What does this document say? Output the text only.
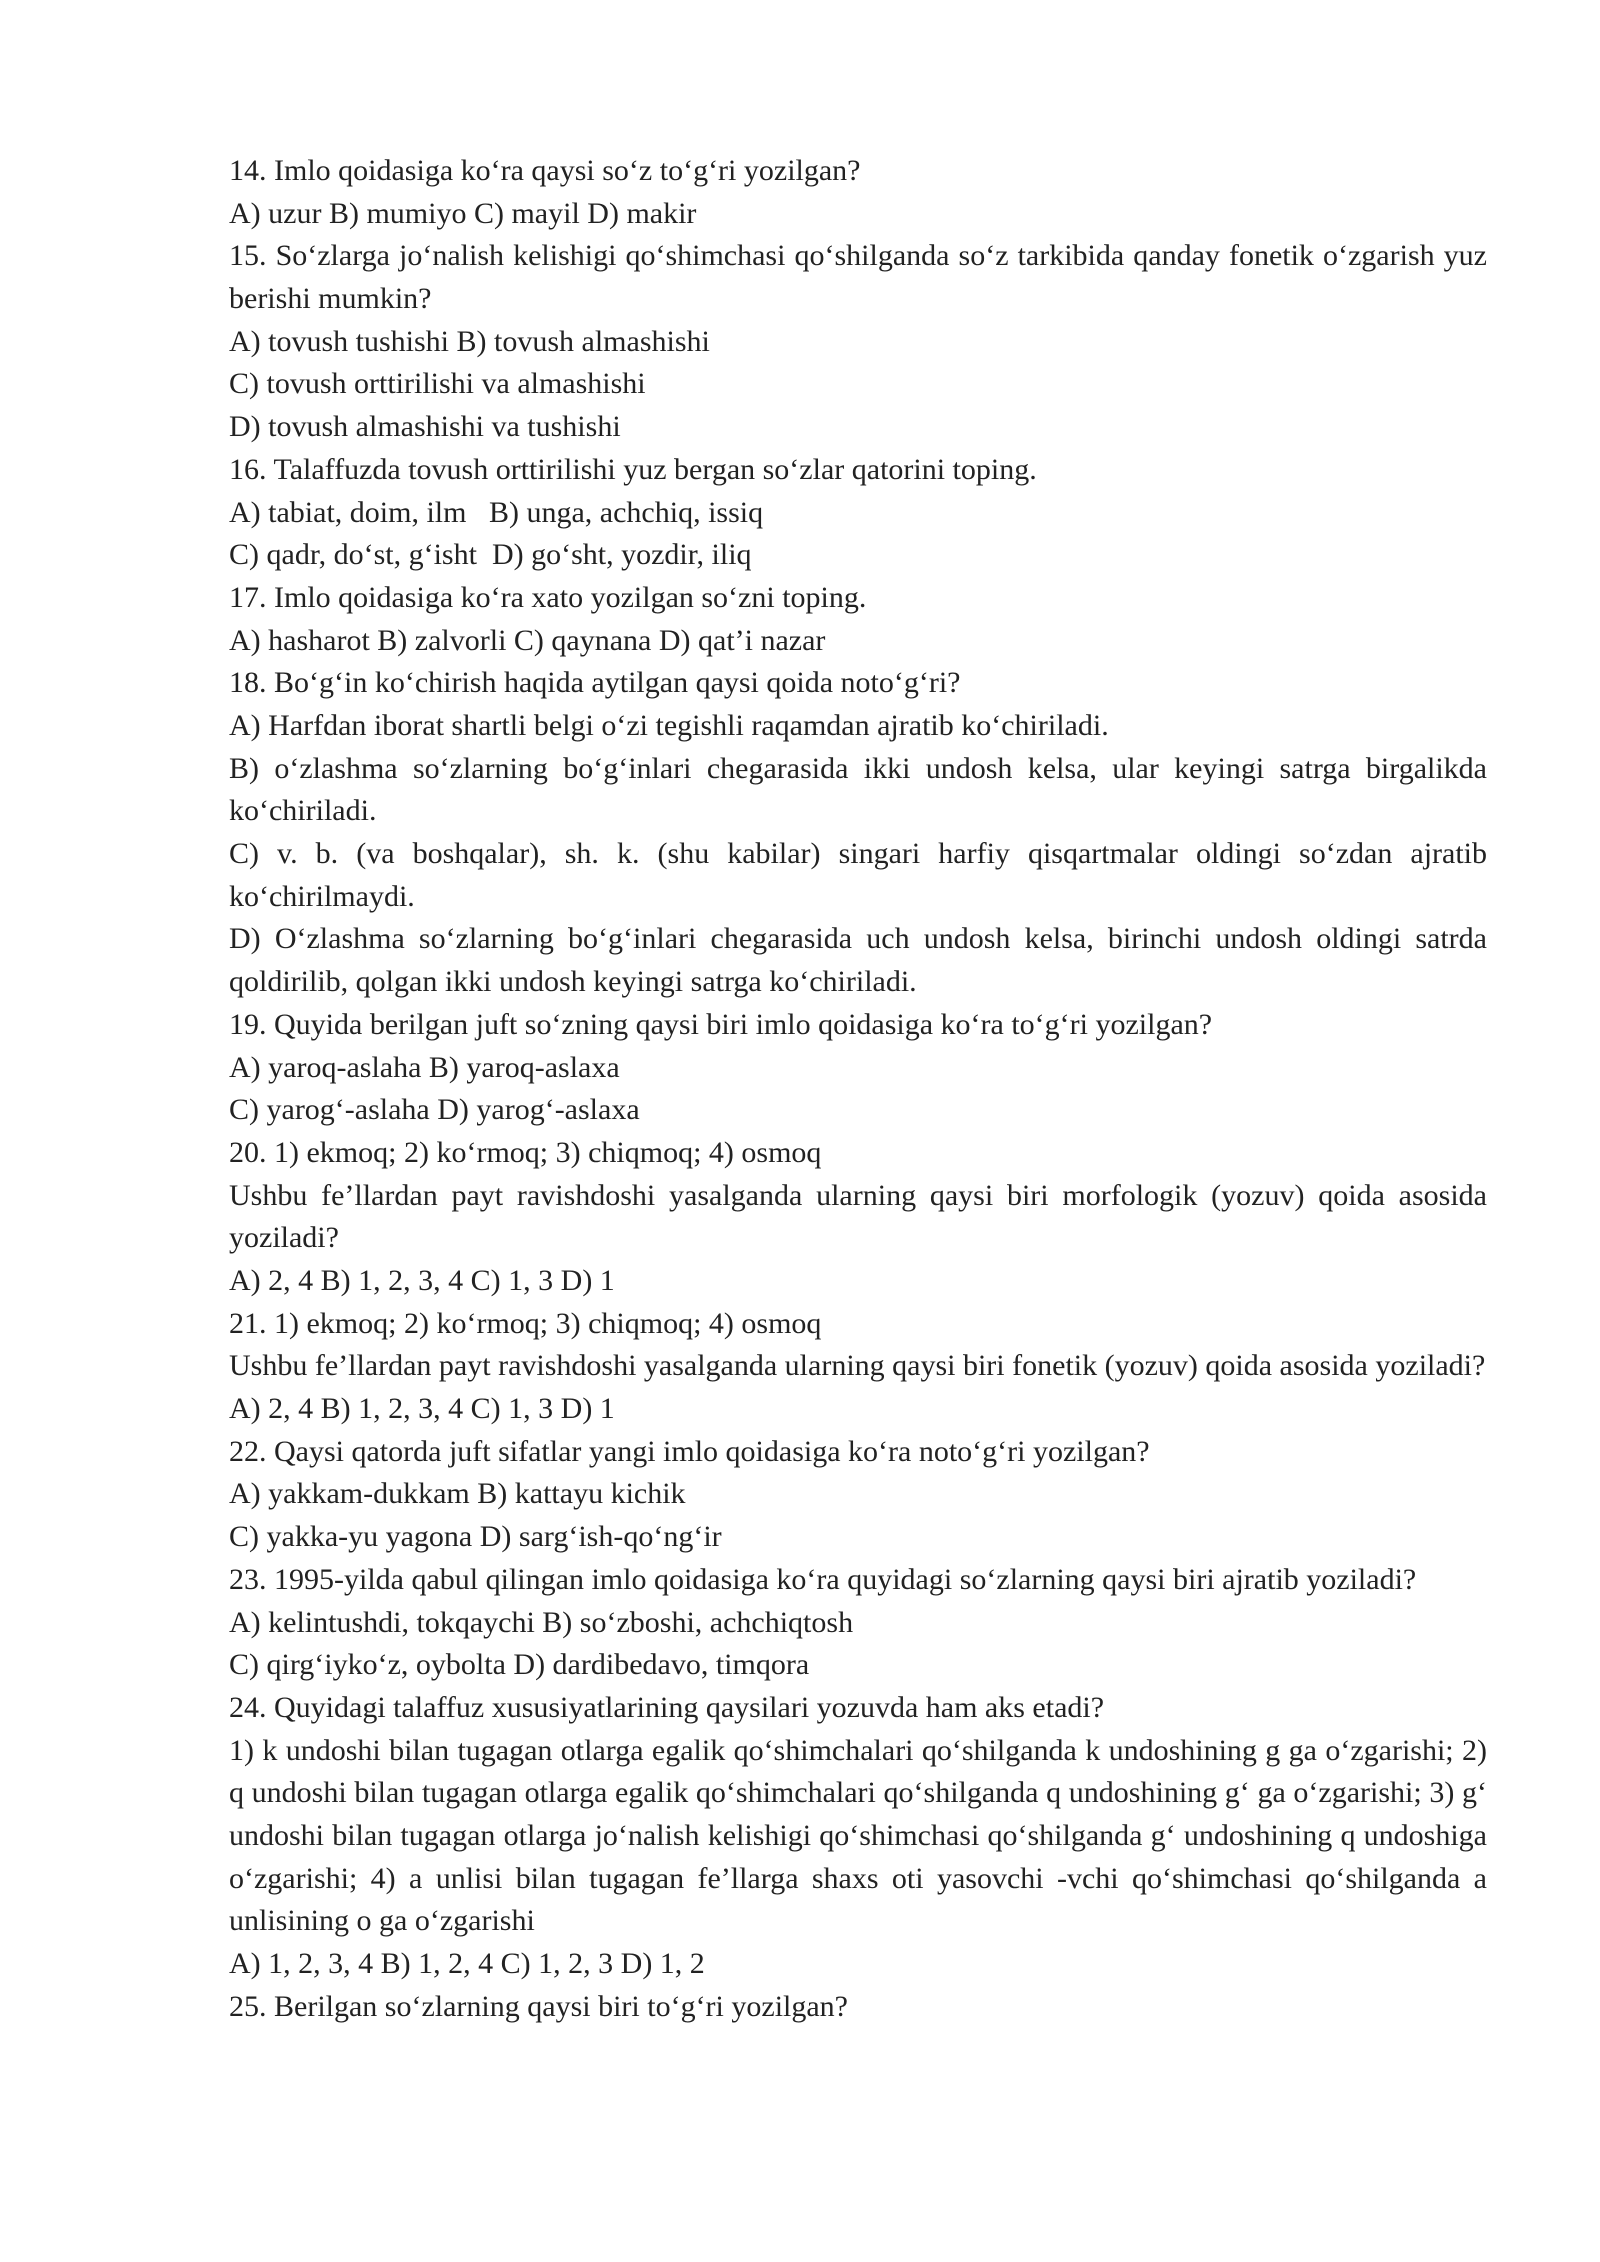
14. Imlo qoidasiga ko‘ra qaysi so‘z to‘g‘ri yozilgan?
A) uzur B) mumiyo C) mayil D) makir
15. So‘zlarga jo‘nalish kelishigi qo‘shimchasi qo‘shilganda so‘z tarkibida qanday fonetik o‘zgarish yuz berishi mumkin?
A) tovush tushishi B) tovush almashishi
C) tovush orttirilishi va almashishi
D) tovush almashishi va tushishi
16. Talaffuzda tovush orttirilishi yuz bergan so‘zlar qatorini toping.
A) tabiat, doim, ilm   B) unga, achchiq, issiq
C) qadr, do‘st, g‘isht  D) go‘sht, yozdir, iliq
17. Imlo qoidasiga ko‘ra xato yozilgan so‘zni toping.
A) hasharot B) zalvorli C) qaynana D) qat’i nazar
18. Bo‘g‘in ko‘chirish haqida aytilgan qaysi qoida noto‘g‘ri?
A) Harfdan iborat shartli belgi o‘zi tegishli raqamdan ajratib ko‘chiriladi.
B) o‘zlashma so‘zlarning bo‘g‘inlari chegarasida ikki undosh kelsa, ular keyingi satrga birgalikda ko‘chiriladi.
C) v. b. (va boshqalar), sh. k. (shu kabilar) singari harfiy qisqartmalar oldingi so‘zdan ajratib ko‘chirilmaydi.
D) O‘zlashma so‘zlarning bo‘g‘inlari chegarasida uch undosh kelsa, birinchi undosh oldingi satrda qoldirilib, qolgan ikki undosh keyingi satrga ko‘chiriladi.
19. Quyida berilgan juft so‘zning qaysi biri imlo qoidasiga ko‘ra to‘g‘ri yozilgan?
A) yaroq-aslaha B) yaroq-aslaxa
C) yarog‘-aslaha D) yarog‘-aslaxa
20. 1) ekmoq; 2) ko‘rmoq; 3) chiqmoq; 4) osmoq
Ushbu fe’llardan payt ravishdoshi yasalganda ularning qaysi biri morfologik (yozuv) qoida asosida yoziladi?
A) 2, 4 B) 1, 2, 3, 4 C) 1, 3 D) 1
21. 1) ekmoq; 2) ko‘rmoq; 3) chiqmoq; 4) osmoq
Ushbu fe’llardan payt ravishdoshi yasalganda ularning qaysi biri fonetik (yozuv) qoida asosida yoziladi?
A) 2, 4 B) 1, 2, 3, 4 C) 1, 3 D) 1
22. Qaysi qatorda juft sifatlar yangi imlo qoidasiga ko‘ra noto‘g‘ri yozilgan?
A) yakkam-dukkam B) kattayu kichik
C) yakka-yu yagona D) sarg‘ish-qo‘ng‘ir
23. 1995-yilda qabul qilingan imlo qoidasiga ko‘ra quyidagi so‘zlarning qaysi biri ajratib yoziladi?
A) kelintushdi, tokqaychi B) so‘zboshi, achchiqtosh
C) qirg‘iyko‘z, oybolta D) dardibedavo, timqora
24. Quyidagi talaffuz xususiyatlarining qaysilari yozuvda ham aks etadi?
1) k undoshi bilan tugagan otlarga egalik qo‘shimchalari qo‘shilganda k undoshining g ga o‘zgarishi; 2) q undoshi bilan tugagan otlarga egalik qo‘shimchalari qo‘shilganda q undoshining g‘ ga o‘zgarishi; 3) g‘ undoshi bilan tugagan otlarga jo‘nalish kelishigi qo‘shimchasi qo‘shilganda g‘ undoshining q undoshiga o‘zgarishi; 4) a unlisi bilan tugagan fe’llarga shaxs oti yasovchi -vchi qo‘shimchasi qo‘shilganda a unlisining o ga o‘zgarishi
A) 1, 2, 3, 4 B) 1, 2, 4 C) 1, 2, 3 D) 1, 2
25. Berilgan so‘zlarning qaysi biri to‘g‘ri yozilgan?
